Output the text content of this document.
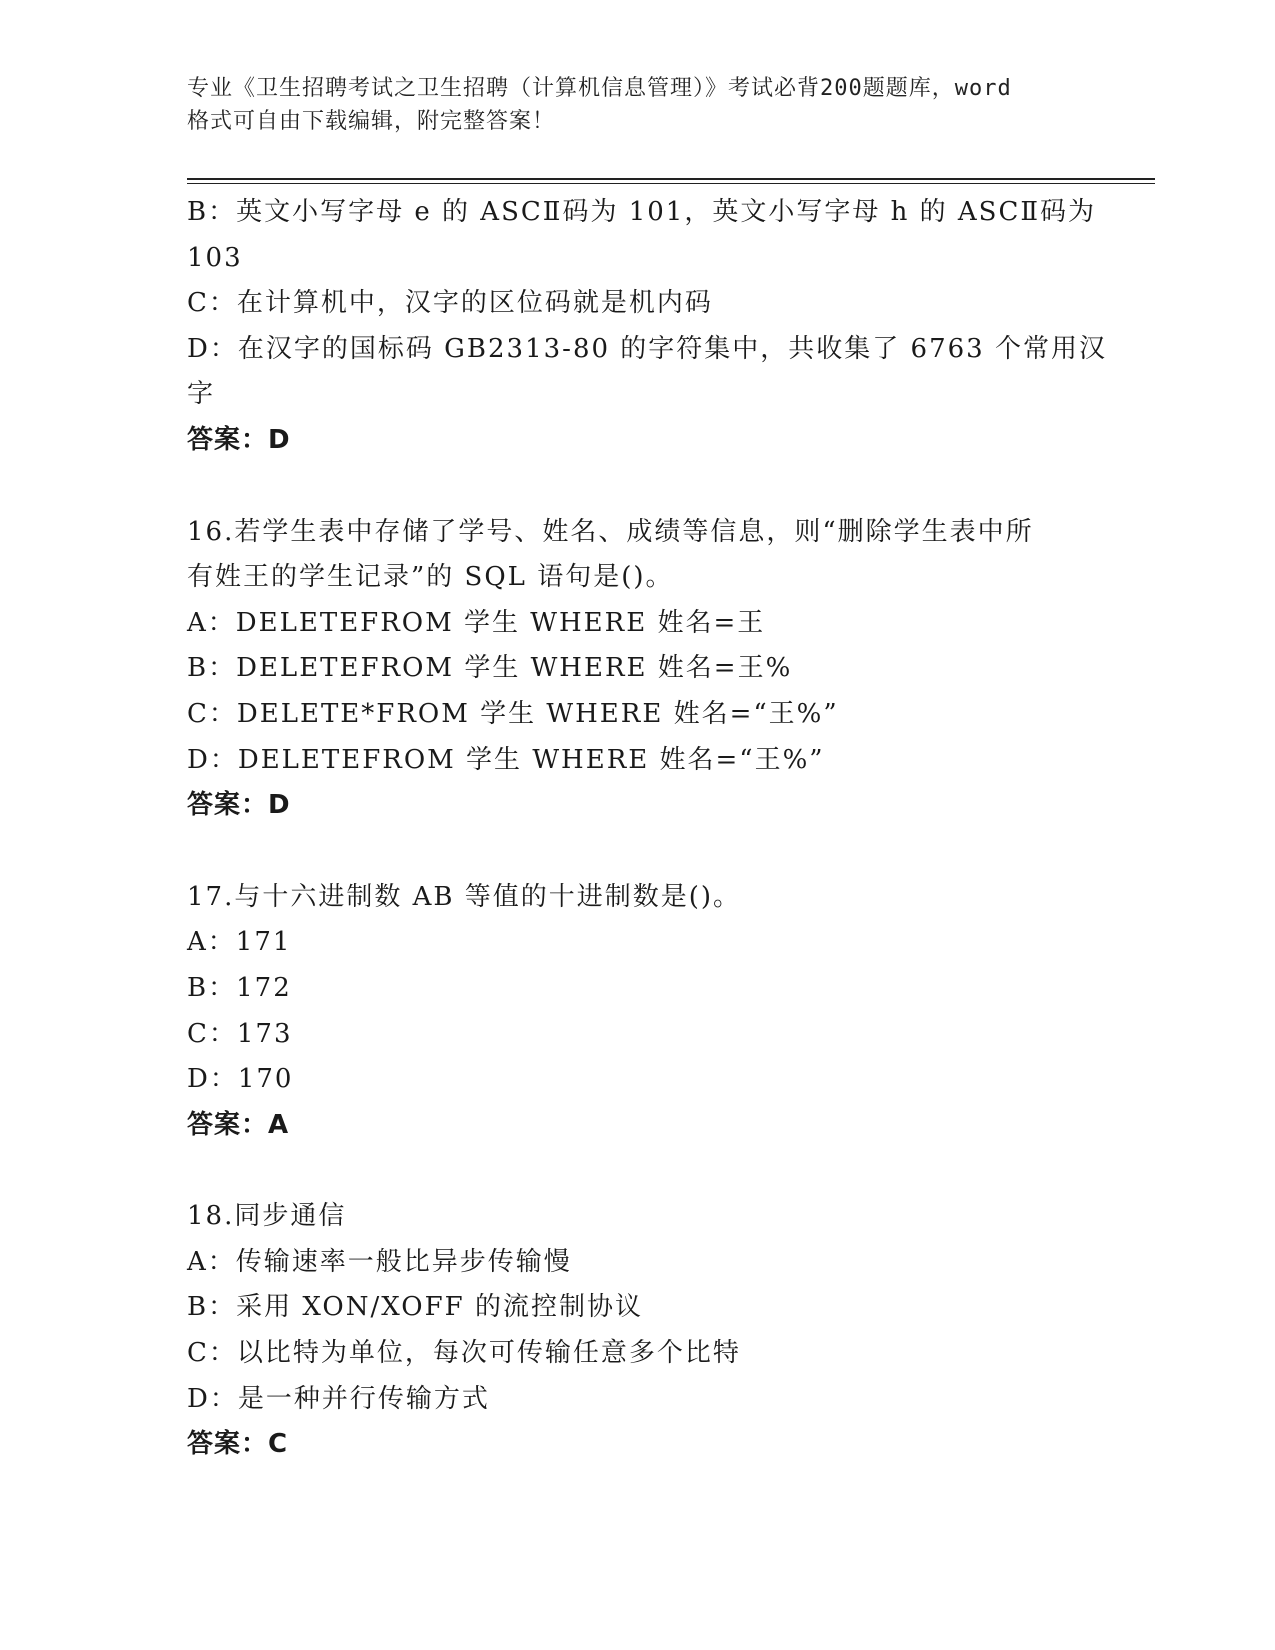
专业《卫生招聘考试之卫生招聘（计算机信息管理）》考试必背200题题库，word
格式可自由下载编辑，附完整答案！
B：英文小写字母 e 的 ASCⅡ码为 101，英文小写字母 h 的 ASCⅡ码为
103
C：在计算机中，汉字的区位码就是机内码
D：在汉字的国标码 GB2313-80 的字符集中，共收集了 6763 个常用汉
字
答案：D
16.若学生表中存储了学号、姓名、成绩等信息，则“删除学生表中所
有姓王的学生记录”的 SQL 语句是()。
A：DELETEFROM 学生 WHERE 姓名=王
B：DELETEFROM 学生 WHERE 姓名=王%
C：DELETE*FROM 学生 WHERE 姓名=“王%”
D：DELETEFROM 学生 WHERE 姓名=“王%”
答案：D
17.与十六进制数 AB 等值的十进制数是()。
A：171
B：172
C：173
D：170
答案：A
18.同步通信
A：传输速率一般比异步传输慢
B：采用 XON/XOFF 的流控制协议
C：以比特为单位，每次可传输任意多个比特
D：是一种并行传输方式
答案：C
